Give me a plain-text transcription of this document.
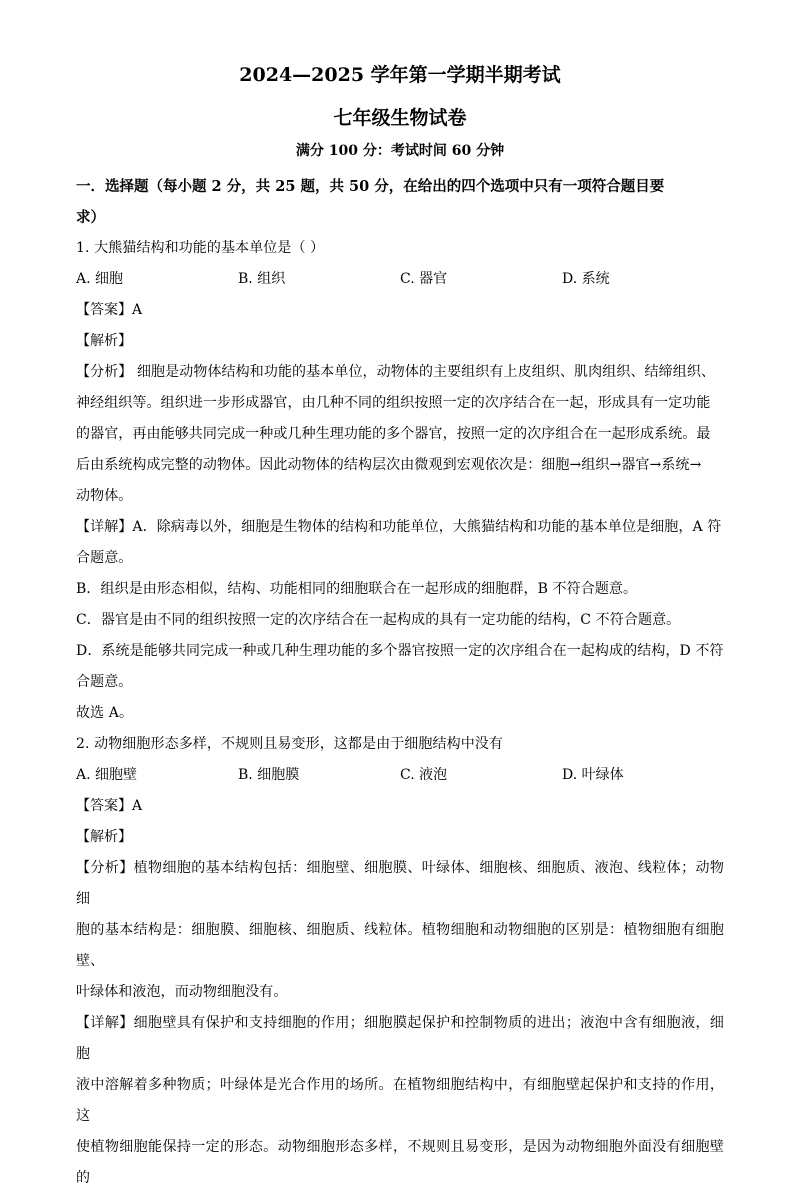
2024—2025 学年第一学期半期考试
七年级生物试卷
满分 100 分：考试时间 60 分钟
一．选择题（每小题 2 分，共 25 题，共 50 分，在给出的四个选项中只有一项符合题目要
求）
1. 大熊猫结构和功能的基本单位是（ ）
A. 细胞	B. 组织	C. 器官	D. 系统
【答案】A
【解析】
【分析】 细胞是动物体结构和功能的基本单位，动物体的主要组织有上皮组织、肌肉组织、结缔组织、
神经组织等。组织进一步形成器官，由几种不同的组织按照一定的次序结合在一起，形成具有一定功能
的器官，再由能够共同完成一种或几种生理功能的多个器官，按照一定的次序组合在一起形成系统。最
后由系统构成完整的动物体。因此动物体的结构层次由微观到宏观依次是：细胞→组织→器官→系统→
动物体。
【详解】A．除病毒以外，细胞是生物体的结构和功能单位，大熊猫结构和功能的基本单位是细胞，A 符
合题意。
B．组织是由形态相似，结构、功能相同的细胞联合在一起形成的细胞群，B 不符合题意。
C．器官是由不同的组织按照一定的次序结合在一起构成的具有一定功能的结构，C 不符合题意。
D．系统是能够共同完成一种或几种生理功能的多个器官按照一定的次序组合在一起构成的结构，D 不符
合题意。
故选 A。
2. 动物细胞形态多样，不规则且易变形，这都是由于细胞结构中没有
A. 细胞壁	B. 细胞膜	C. 液泡	D. 叶绿体
【答案】A
【解析】
【分析】植物细胞的基本结构包括：细胞壁、细胞膜、叶绿体、细胞核、细胞质、液泡、线粒体；动物细
胞的基本结构是：细胞膜、细胞核、细胞质、线粒体。植物细胞和动物细胞的区别是：植物细胞有细胞壁、
叶绿体和液泡，而动物细胞没有。
【详解】细胞壁具有保护和支持细胞的作用；细胞膜起保护和控制物质的进出；液泡中含有细胞液，细胞
液中溶解着多种物质；叶绿体是光合作用的场所。在植物细胞结构中，有细胞壁起保护和支持的作用，这
使植物细胞能保持一定的形态。动物细胞形态多样，不规则且易变形，是因为动物细胞外面没有细胞壁的
